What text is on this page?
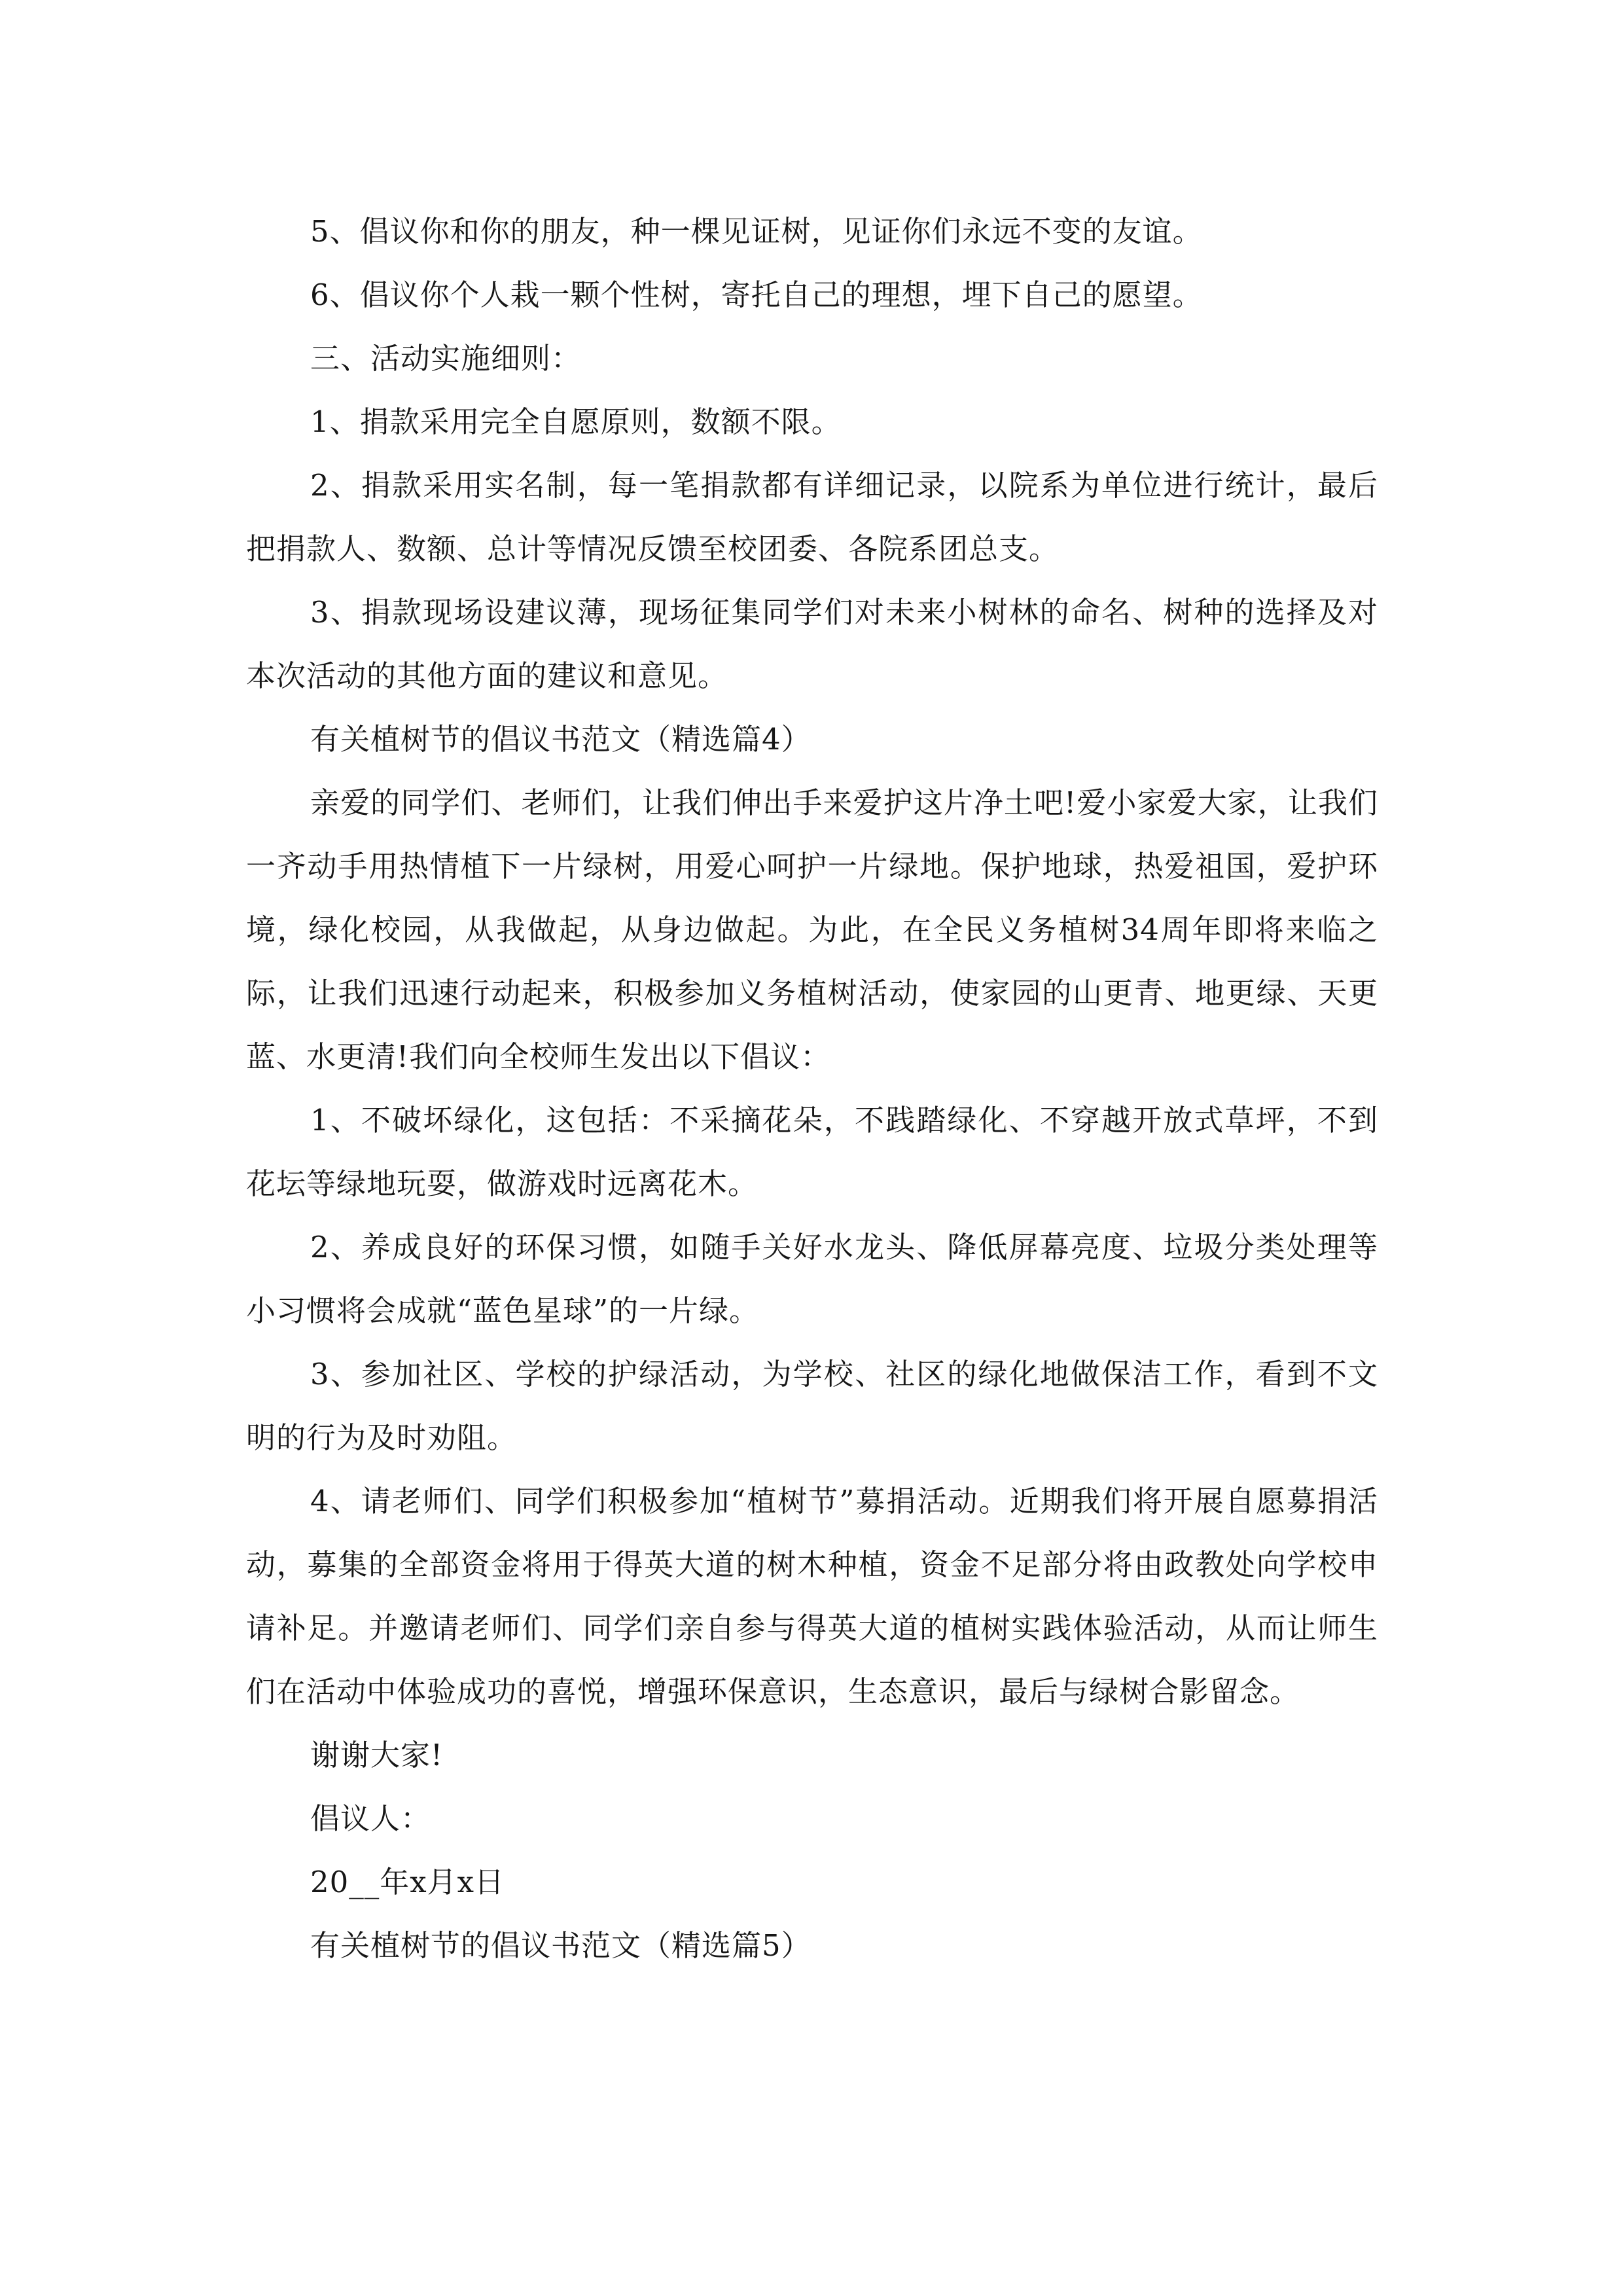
5、倡议你和你的朋友，种一棵见证树，见证你们永远不变的友谊。

6、倡议你个人栽一颗个性树，寄托自己的理想，埋下自己的愿望。

三、活动实施细则：

1、捐款采用完全自愿原则，数额不限。

2、捐款采用实名制，每一笔捐款都有详细记录，以院系为单位进行统计，最后把捐款人、数额、总计等情况反馈至校团委、各院系团总支。

3、捐款现场设建议薄，现场征集同学们对未来小树林的命名、树种的选择及对本次活动的其他方面的建议和意见。

有关植树节的倡议书范文（精选篇4）

亲爱的同学们、老师们，让我们伸出手来爱护这片净土吧!爱小家爱大家，让我们一齐动手用热情植下一片绿树，用爱心呵护一片绿地。保护地球，热爱祖国，爱护环境，绿化校园，从我做起，从身边做起。为此，在全民义务植树34周年即将来临之际，让我们迅速行动起来，积极参加义务植树活动，使家园的山更青、地更绿、天更蓝、水更清!我们向全校师生发出以下倡议：

1、不破坏绿化，这包括：不采摘花朵，不践踏绿化、不穿越开放式草坪，不到花坛等绿地玩耍，做游戏时远离花木。

2、养成良好的环保习惯，如随手关好水龙头、降低屏幕亮度、垃圾分类处理等小习惯将会成就“蓝色星球”的一片绿。

3、参加社区、学校的护绿活动，为学校、社区的绿化地做保洁工作，看到不文明的行为及时劝阻。

4、请老师们、同学们积极参加“植树节”募捐活动。近期我们将开展自愿募捐活动，募集的全部资金将用于得英大道的树木种植，资金不足部分将由政教处向学校申请补足。并邀请老师们、同学们亲自参与得英大道的植树实践体验活动，从而让师生们在活动中体验成功的喜悦，增强环保意识，生态意识，最后与绿树合影留念。

谢谢大家!

倡议人：

20__年x月x日

有关植树节的倡议书范文（精选篇5）
